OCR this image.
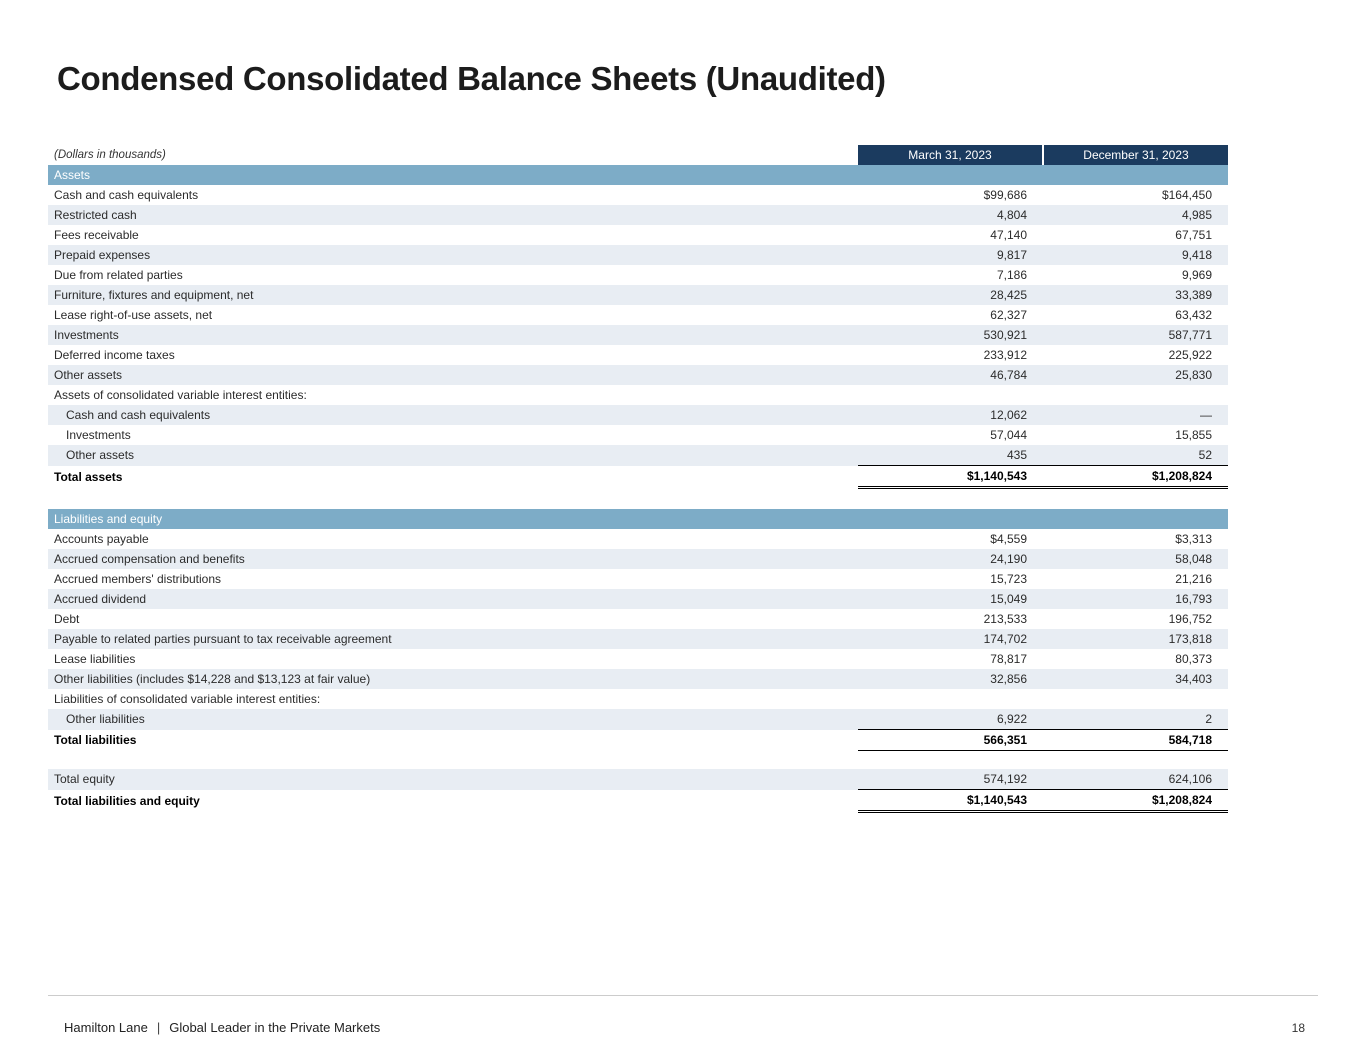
Condensed Consolidated Balance Sheets (Unaudited)
(Dollars in thousands)	March 31, 2023	December 31, 2023
Assets		
Cash and cash equivalents	$99,686	$164,450
Restricted cash	4,804	4,985
Fees receivable	47,140	67,751
Prepaid expenses	9,817	9,418
Due from related parties	7,186	9,969
Furniture, fixtures and equipment, net	28,425	33,389
Lease right-of-use assets, net	62,327	63,432
Investments	530,921	587,771
Deferred income taxes	233,912	225,922
Other assets	46,784	25,830
Assets of consolidated variable interest entities:		
Cash and cash equivalents	12,062	—
Investments	57,044	15,855
Other assets	435	52
Total assets	$1,140,543	$1,208,824

Liabilities and equity		
Accounts payable	$4,559	$3,313
Accrued compensation and benefits	24,190	58,048
Accrued members' distributions	15,723	21,216
Accrued dividend	15,049	16,793
Debt	213,533	196,752
Payable to related parties pursuant to tax receivable agreement	174,702	173,818
Lease liabilities	78,817	80,373
Other liabilities (includes $14,228 and $13,123 at fair value)	32,856	34,403
Liabilities of consolidated variable interest entities:		
Other liabilities	6,922	2
Total liabilities	566,351	584,718

Total equity	574,192	624,106
Total liabilities and equity	$1,140,543	$1,208,824
Hamilton Lane | Global Leader in the Private Markets	18
